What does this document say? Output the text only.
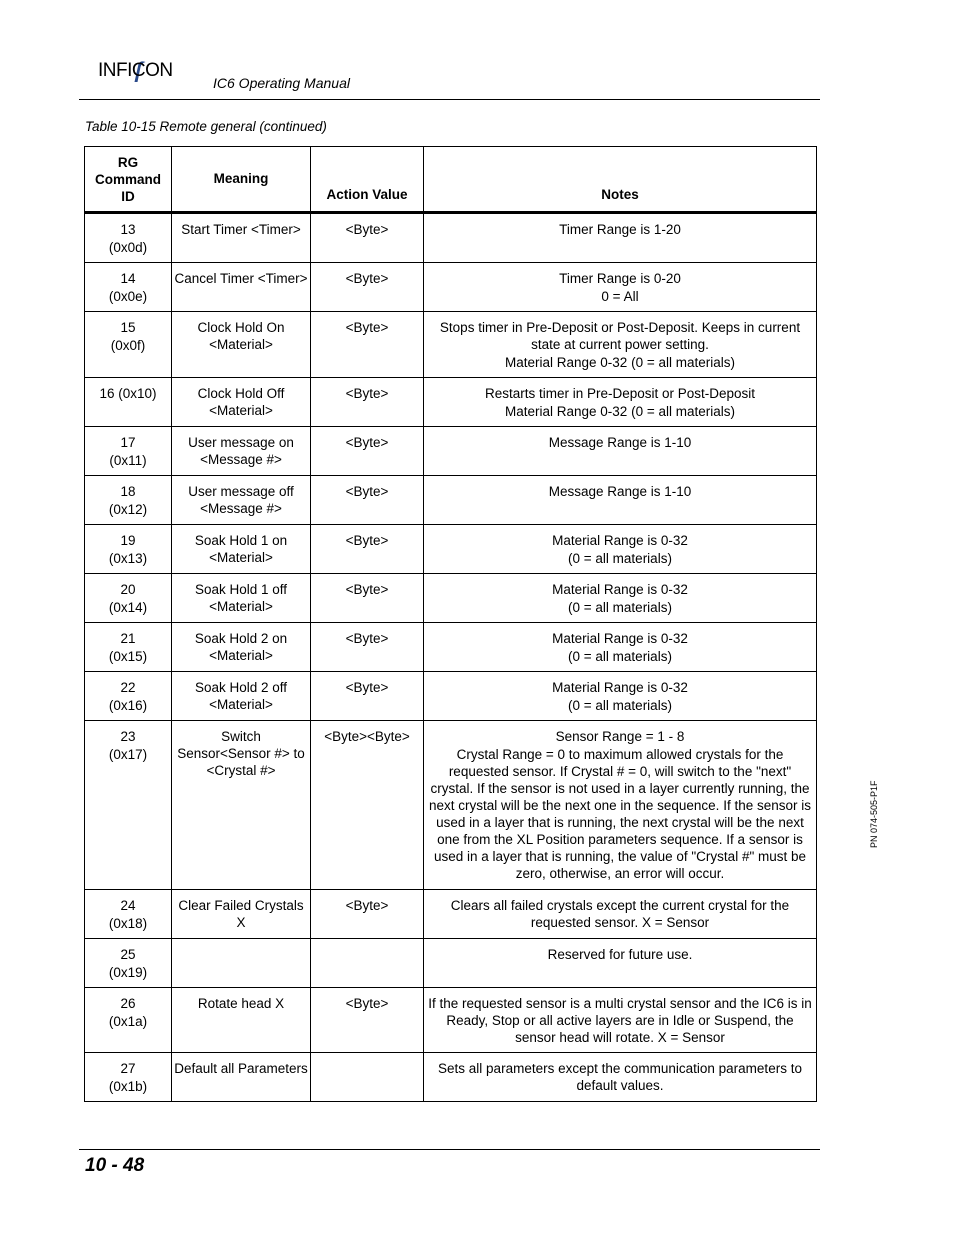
INFICON
IC6 Operating Manual
Table 10-15 Remote general (continued)
RG Command ID	Meaning	Action Value	Notes

13
(0x0d)	Start Timer <Timer>	<Byte>	Timer Range is 1-20

14
(0x0e)	Cancel Timer <Timer>	<Byte>	Timer Range is 0-20
0 = All

15
(0x0f)	Clock Hold On <Material>	<Byte>	Stops timer in Pre-Deposit or Post-Deposit. Keeps in current state at current power setting.
Material Range 0-32 (0 = all materials)

16 (0x10)	Clock Hold Off <Material>	<Byte>	Restarts timer in Pre-Deposit or Post-Deposit
Material Range 0-32 (0 = all materials)

17
(0x11)	User message on <Message #>	<Byte>	Message Range is 1-10

18
(0x12)	User message off <Message #>	<Byte>	Message Range is 1-10

19
(0x13)	Soak Hold 1 on <Material>	<Byte>	Material Range is 0-32
(0 = all materials)

20
(0x14)	Soak Hold 1 off <Material>	<Byte>	Material Range is 0-32
(0 = all materials)

21
(0x15)	Soak Hold 2 on <Material>	<Byte>	Material Range is 0-32
(0 = all materials)

22
(0x16)	Soak Hold 2 off <Material>	<Byte>	Material Range is 0-32
(0 = all materials)

23
(0x17)	Switch Sensor<Sensor #> to <Crystal #>	<Byte><Byte>	Sensor Range = 1 - 8
Crystal Range = 0 to maximum allowed crystals for the requested sensor. If Crystal # = 0, will switch to the "next" crystal. If the sensor is not used in a layer currently running, the next crystal will be the next one in the sequence. If the sensor is used in a layer that is running, the next crystal will be the next one from the XL Position parameters sequence. If a sensor is used in a layer that is running, the value of "Crystal #" must be zero, otherwise, an error will occur.

24
(0x18)	Clear Failed Crystals X	<Byte>	Clears all failed crystals except the current crystal for the requested sensor. X = Sensor

25
(0x19)			Reserved for future use.

26
(0x1a)	Rotate head X	<Byte>	If the requested sensor is a multi crystal sensor and the IC6 is in Ready, Stop or all active layers are in Idle or Suspend, the sensor head will rotate. X = Sensor

27
(0x1b)	Default all Parameters		Sets all parameters except the communication parameters to default values.
PN 074-505-P1F
10 - 48
